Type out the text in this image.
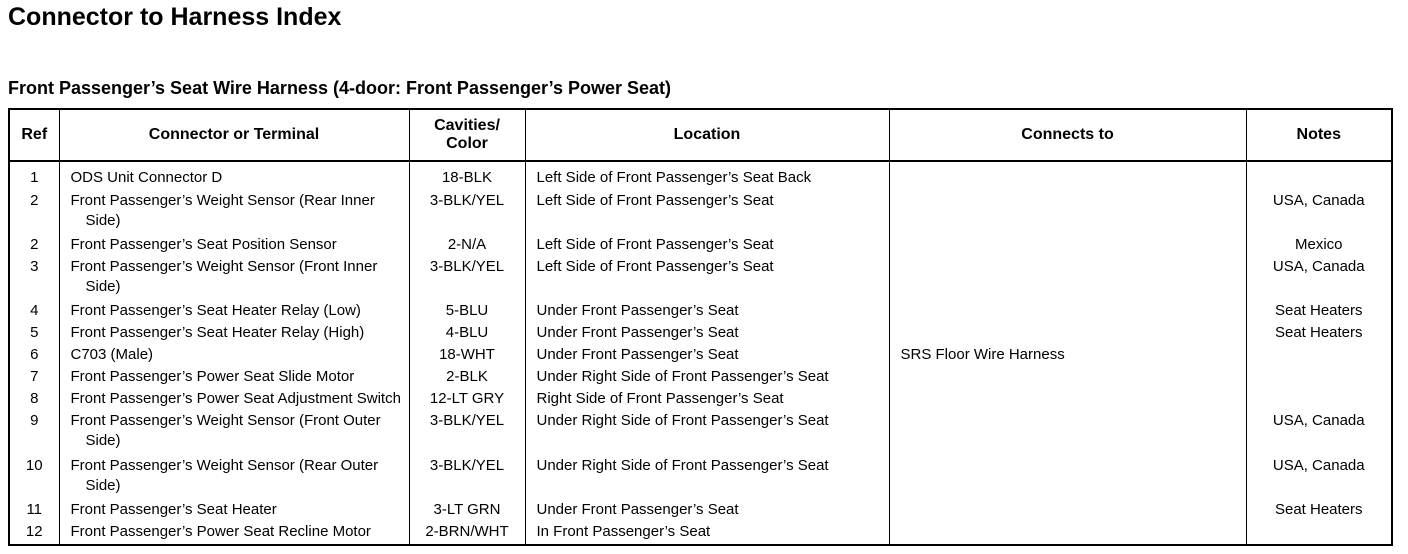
Connector to Harness Index
Front Passenger’s Seat Wire Harness (4-door: Front Passenger’s Power Seat)
Ref	Connector or Terminal	Cavities/ Color	Location	Connects to	Notes
1	ODS Unit Connector D	18-BLK	Left Side of Front Passenger’s Seat Back		
2	Front Passenger’s Weight Sensor (Rear Inner Side)	3-BLK/YEL	Left Side of Front Passenger’s Seat		USA, Canada
2	Front Passenger’s Seat Position Sensor	2-N/A	Left Side of Front Passenger’s Seat		Mexico
3	Front Passenger’s Weight Sensor (Front Inner Side)	3-BLK/YEL	Left Side of Front Passenger’s Seat		USA, Canada
4	Front Passenger’s Seat Heater Relay (Low)	5-BLU	Under Front Passenger’s Seat		Seat Heaters
5	Front Passenger’s Seat Heater Relay (High)	4-BLU	Under Front Passenger’s Seat		Seat Heaters
6	C703 (Male)	18-WHT	Under Front Passenger’s Seat	SRS Floor Wire Harness	
7	Front Passenger’s Power Seat Slide Motor	2-BLK	Under Right Side of Front Passenger’s Seat		
8	Front Passenger’s Power Seat Adjustment Switch	12-LT GRY	Right Side of Front Passenger’s Seat		
9	Front Passenger’s Weight Sensor (Front Outer Side)	3-BLK/YEL	Under Right Side of Front Passenger’s Seat		USA, Canada
10	Front Passenger’s Weight Sensor (Rear Outer Side)	3-BLK/YEL	Under Right Side of Front Passenger’s Seat		USA, Canada
11	Front Passenger’s Seat Heater	3-LT GRN	Under Front Passenger’s Seat		Seat Heaters
12	Front Passenger’s Power Seat Recline Motor	2-BRN/WHT	In Front Passenger’s Seat		
